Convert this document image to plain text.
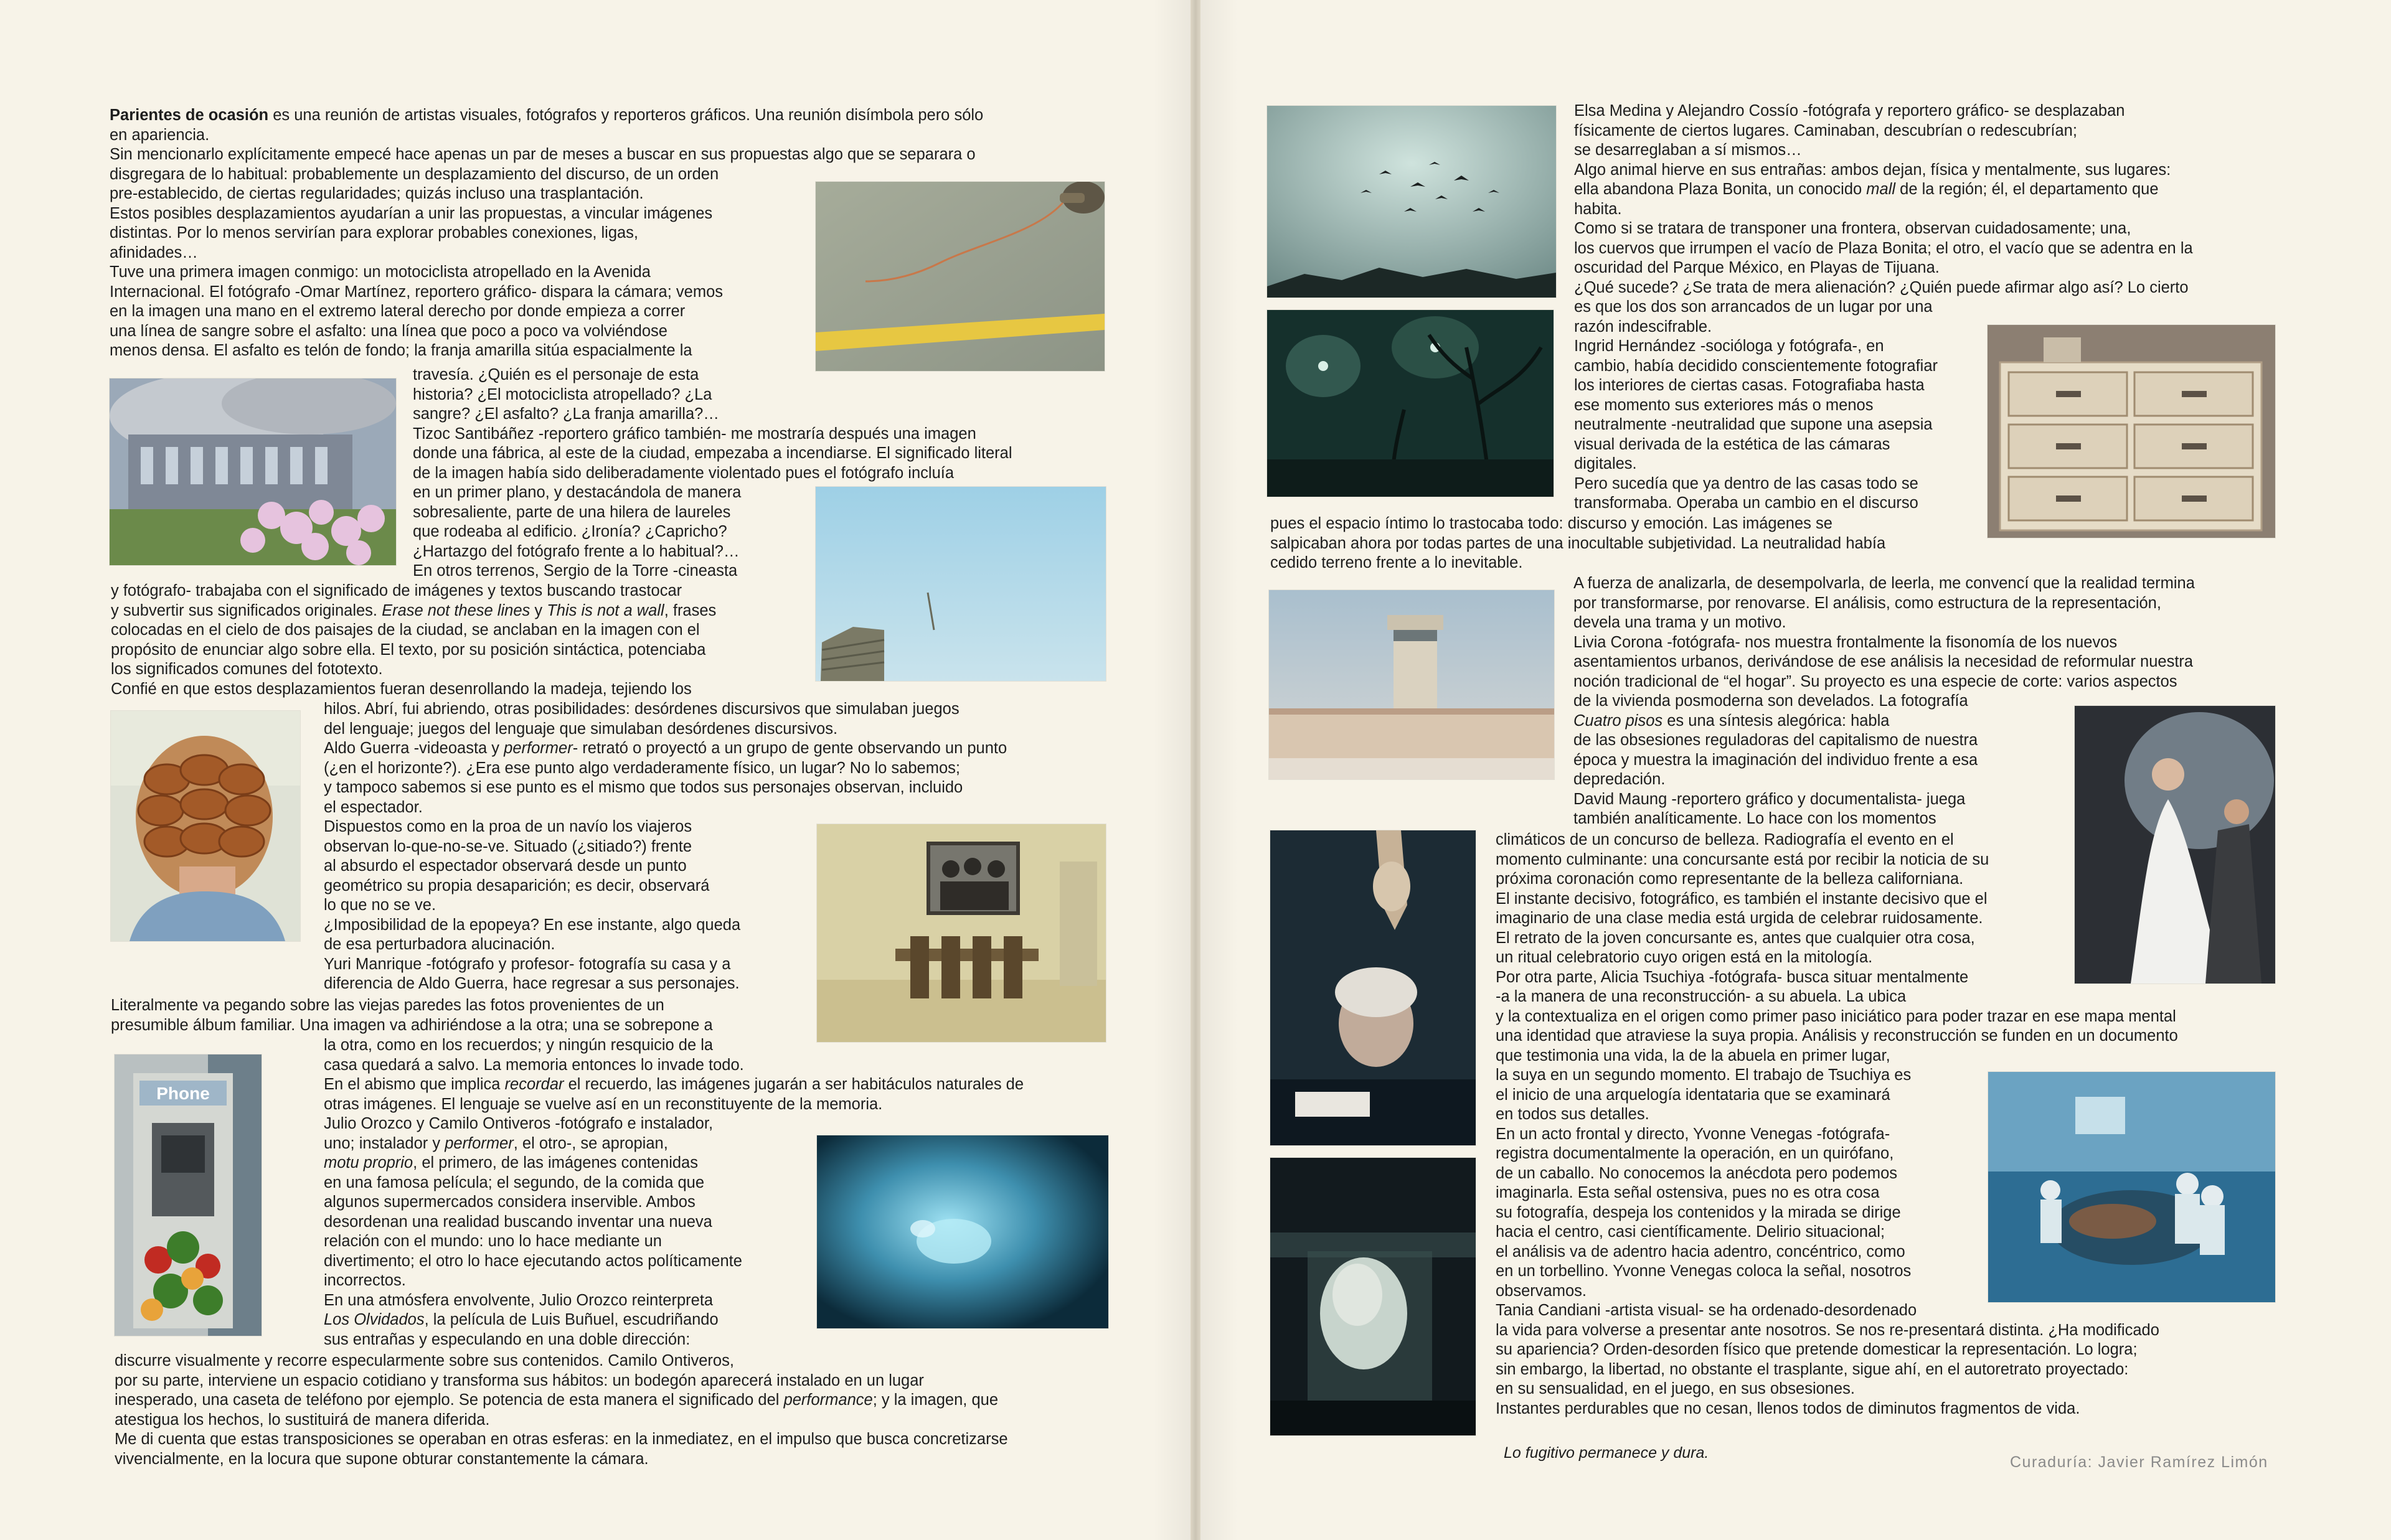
Parientes de ocasión es una reunión de artistas visuales, fotógrafos y reporteros gráficos. Una reunión disímbola pero sólo
en apariencia.
Sin mencionarlo explícitamente empecé hace apenas un par de meses a buscar en sus propuestas algo que se separara o
disgregara de lo habitual: probablemente un desplazamiento del discurso, de un orden
pre-establecido, de ciertas regularidades; quizás incluso una trasplantación.
Estos posibles desplazamientos ayudarían a unir las propuestas, a vincular imágenes
distintas. Por lo menos servirían para explorar probables conexiones, ligas,
afinidades…
Tuve una primera imagen conmigo: un motociclista atropellado en la Avenida
Internacional. El fotógrafo -Omar Martínez, reportero gráfico- dispara la cámara; vemos
en la imagen una mano en el extremo lateral derecho por donde empieza a correr
una línea de sangre sobre el asfalto: una línea que poco a poco va volviéndose
menos densa. El asfalto es telón de fondo; la franja amarilla sitúa espacialmente la
travesía. ¿Quién es el personaje de esta
historia? ¿El motociclista atropellado? ¿La
sangre? ¿El asfalto? ¿La franja amarilla?…
Tizoc Santibáñez -reportero gráfico también- me mostraría después una imagen
donde una fábrica, al este de la ciudad, empezaba a incendiarse. El significado literal
de la imagen había sido deliberadamente violentado pues el fotógrafo incluía
en un primer plano, y destacándola de manera
sobresaliente, parte de una hilera de laureles
que rodeaba al edificio. ¿Ironía? ¿Capricho?
¿Hartazgo del fotógrafo frente a lo habitual?…
En otros terrenos, Sergio de la Torre -cineasta
y fotógrafo- trabajaba con el significado de imágenes y textos buscando trastocar
y subvertir sus significados originales. Erase not these lines y This is not a wall, frases
colocadas en el cielo de dos paisajes de la ciudad, se anclaban en la imagen con el
propósito de enunciar algo sobre ella. El texto, por su posición sintáctica, potenciaba
los significados comunes del fototexto.
Confié en que estos desplazamientos fueran desenrollando la madeja, tejiendo los
hilos. Abrí, fui abriendo, otras posibilidades: desórdenes discursivos que simulaban juegos
del lenguaje; juegos del lenguaje que simulaban desórdenes discursivos.
Aldo Guerra -videoasta y performer- retrató o proyectó a un grupo de gente observando un punto
(¿en el horizonte?). ¿Era ese punto algo verdaderamente físico, un lugar? No lo sabemos;
y tampoco sabemos si ese punto es el mismo que todos sus personajes observan, incluido
el espectador.
Dispuestos como en la proa de un navío los viajeros
observan lo-que-no-se-ve. Situado (¿sitiado?) frente
al absurdo el espectador observará desde un punto
geométrico su propia desaparición; es decir, observará
lo que no se ve.
¿Imposibilidad de la epopeya? En ese instante, algo queda
de esa perturbadora alucinación.
Yuri Manrique -fotógrafo y profesor- fotografía su casa y a
diferencia de Aldo Guerra, hace regresar a sus personajes.
Literalmente va pegando sobre las viejas paredes las fotos provenientes de un
presumible álbum familiar. Una imagen va adhiriéndose a la otra; una se sobrepone a
la otra, como en los recuerdos; y ningún resquicio de la
casa quedará a salvo. La memoria entonces lo invade todo.
En el abismo que implica recordar el recuerdo, las imágenes jugarán a ser habitáculos naturales de
otras imágenes. El lenguaje se vuelve así en un reconstituyente de la memoria.
Julio Orozco y Camilo Ontiveros -fotógrafo e instalador,
uno; instalador y performer, el otro-, se apropian,
motu proprio, el primero, de las imágenes contenidas
en una famosa película; el segundo, de la comida que
algunos supermercados considera inservible. Ambos
desordenan una realidad buscando inventar una nueva
relación con el mundo: uno lo hace mediante un
divertimento; el otro lo hace ejecutando actos políticamente
incorrectos.
En una atmósfera envolvente, Julio Orozco reinterpreta
Los Olvidados, la película de Luis Buñuel, escudriñando
sus entrañas y especulando en una doble dirección:
discurre visualmente y recorre especularmente sobre sus contenidos. Camilo Ontiveros,
por su parte, interviene un espacio cotidiano y transforma sus hábitos: un bodegón aparecerá instalado en un lugar
inesperado, una caseta de teléfono por ejemplo. Se potencia de esta manera el significado del performance; y la imagen, que
atestigua los hechos, lo sustituirá de manera diferida.
Me di cuenta que estas transposiciones se operaban en otras esferas: en la inmediatez, en el impulso que busca concretizarse
vivencialmente, en la locura que supone obturar constantemente la cámara.
Phone
Elsa Medina y Alejandro Cossío -fotógrafa y reportero gráfico- se desplazaban
físicamente de ciertos lugares. Caminaban, descubrían o redescubrían;
se desarreglaban a sí mismos…
Algo animal hierve en sus entrañas: ambos dejan, física y mentalmente, sus lugares:
ella abandona Plaza Bonita, un conocido mall de la región; él, el departamento que
habita.
Como si se tratara de transponer una frontera, observan cuidadosamente; una,
los cuervos que irrumpen el vacío de Plaza Bonita; el otro, el vacío que se adentra en la
oscuridad del Parque México, en Playas de Tijuana.
¿Qué sucede? ¿Se trata de mera alienación? ¿Quién puede afirmar algo así? Lo cierto
es que los dos son arrancados de un lugar por una
razón indescifrable.
Ingrid Hernández -socióloga y fotógrafa-, en
cambio, había decidido conscientemente fotografiar
los interiores de ciertas casas. Fotografiaba hasta
ese momento sus exteriores más o menos
neutralmente -neutralidad que supone una asepsia
visual derivada de la estética de las cámaras
digitales.
Pero sucedía que ya dentro de las casas todo se
transformaba. Operaba un cambio en el discurso
pues el espacio íntimo lo trastocaba todo: discurso y emoción. Las imágenes se
salpicaban ahora por todas partes de una inocultable subjetividad. La neutralidad había
cedido terreno frente a lo inevitable.
A fuerza de analizarla, de desempolvarla, de leerla, me convencí que la realidad termina
por transformarse, por renovarse. El análisis, como estructura de la representación,
devela una trama y un motivo.
Livia Corona -fotógrafa- nos muestra frontalmente la fisonomía de los nuevos
asentamientos urbanos, derivándose de ese análisis la necesidad de reformular nuestra
noción tradicional de “el hogar”. Su proyecto es una especie de corte: varios aspectos
de la vivienda posmoderna son develados. La fotografía
Cuatro pisos es una síntesis alegórica: habla
de las obsesiones reguladoras del capitalismo de nuestra
época y muestra la imaginación del individuo frente a esa
depredación.
David Maung -reportero gráfico y documentalista- juega
también analíticamente. Lo hace con los momentos
climáticos de un concurso de belleza. Radiografía el evento en el
momento culminante: una concursante está por recibir la noticia de su
próxima coronación como representante de la belleza californiana.
El instante decisivo, fotográfico, es también el instante decisivo que el
imaginario de una clase media está urgida de celebrar ruidosamente.
El retrato de la joven concursante es, antes que cualquier otra cosa,
un ritual celebratorio cuyo origen está en la mitología.
Por otra parte, Alicia Tsuchiya -fotógrafa- busca situar mentalmente
-a la manera de una reconstrucción- a su abuela. La ubica
y la contextualiza en el origen como primer paso iniciático para poder trazar en ese mapa mental
una identidad que atraviese la suya propia. Análisis y reconstrucción se funden en un documento
que testimonia una vida, la de la abuela en primer lugar,
la suya en un segundo momento. El trabajo de Tsuchiya es
el inicio de una arquelogía identataria que se examinará
en todos sus detalles.
En un acto frontal y directo, Yvonne Venegas -fotógrafa-
registra documentalmente la operación, en un quirófano,
de un caballo. No conocemos la anécdota pero podemos
imaginarla. Esta señal ostensiva, pues no es otra cosa
su fotografía, despeja los contenidos y la mirada se dirige
hacia el centro, casi científicamente. Delirio situacional;
el análisis va de adentro hacia adentro, concéntrico, como
en un torbellino. Yvonne Venegas coloca la señal, nosotros
observamos.
Tania Candiani -artista visual- se ha ordenado-desordenado
la vida para volverse a presentar ante nosotros. Se nos re-presentará distinta. ¿Ha modificado
su apariencia? Orden-desorden físico que pretende domesticar la representación. Lo logra;
sin embargo, la libertad, no obstante el trasplante, sigue ahí, en el autoretrato proyectado:
en su sensualidad, en el juego, en sus obsesiones.
Instantes perdurables que no cesan, llenos todos de diminutos fragmentos de vida.
Lo fugitivo permanece y dura.
Curaduría: Javier Ramírez Limón
